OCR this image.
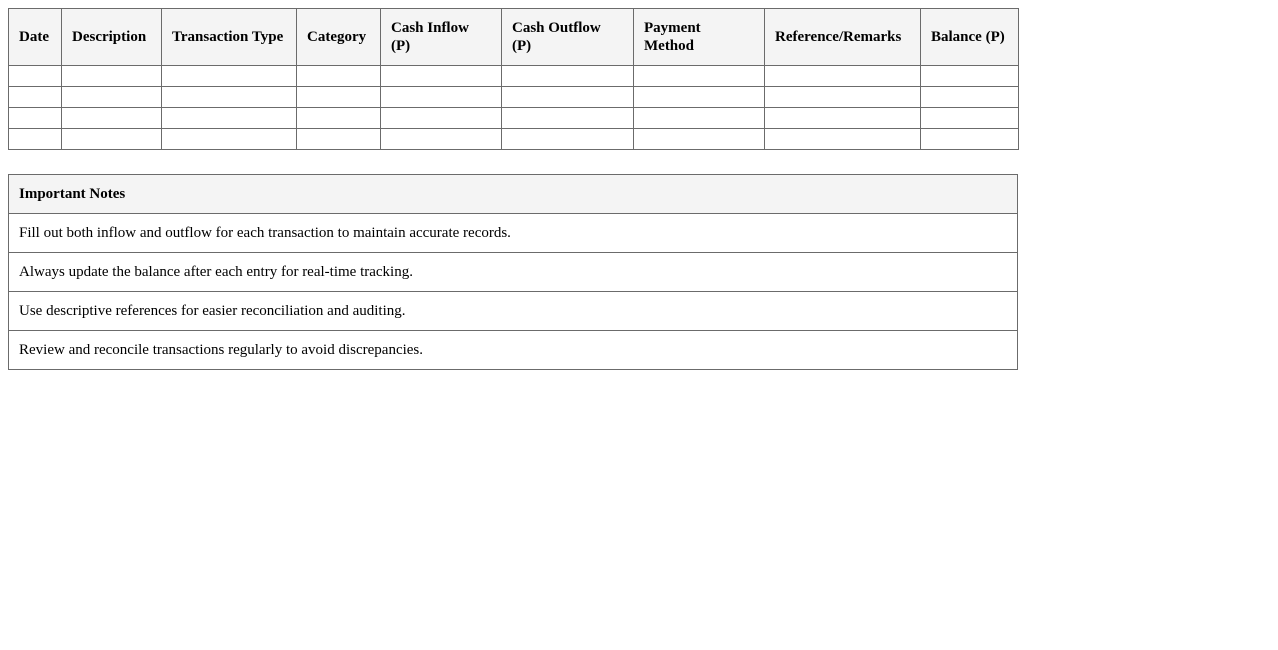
Date	Description	Transaction Type	Category	Cash Inflow (P)	Cash Outflow (P)	Payment Method	Reference/Remarks	Balance (P)

Important Notes
Fill out both inflow and outflow for each transaction to maintain accurate records.
Always update the balance after each entry for real-time tracking.
Use descriptive references for easier reconciliation and auditing.
Review and reconcile transactions regularly to avoid discrepancies.
